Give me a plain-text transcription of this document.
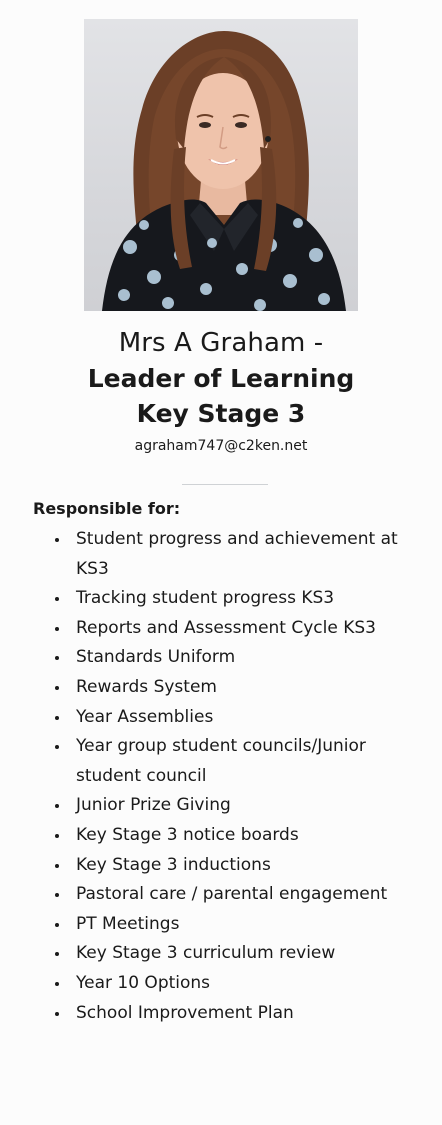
Mrs A Graham -
Leader of Learning
Key Stage 3
agraham747@c2ken.net
Responsible for:
Student progress and achievement at KS3
Tracking student progress KS3
Reports and Assessment Cycle KS3
Standards Uniform
Rewards System
Year Assemblies
Year group student councils/Junior student council
Junior Prize Giving
Key Stage 3 notice boards
Key Stage 3 inductions
Pastoral care / parental engagement
PT Meetings
Key Stage 3 curriculum review
Year 10 Options
School Improvement Plan
